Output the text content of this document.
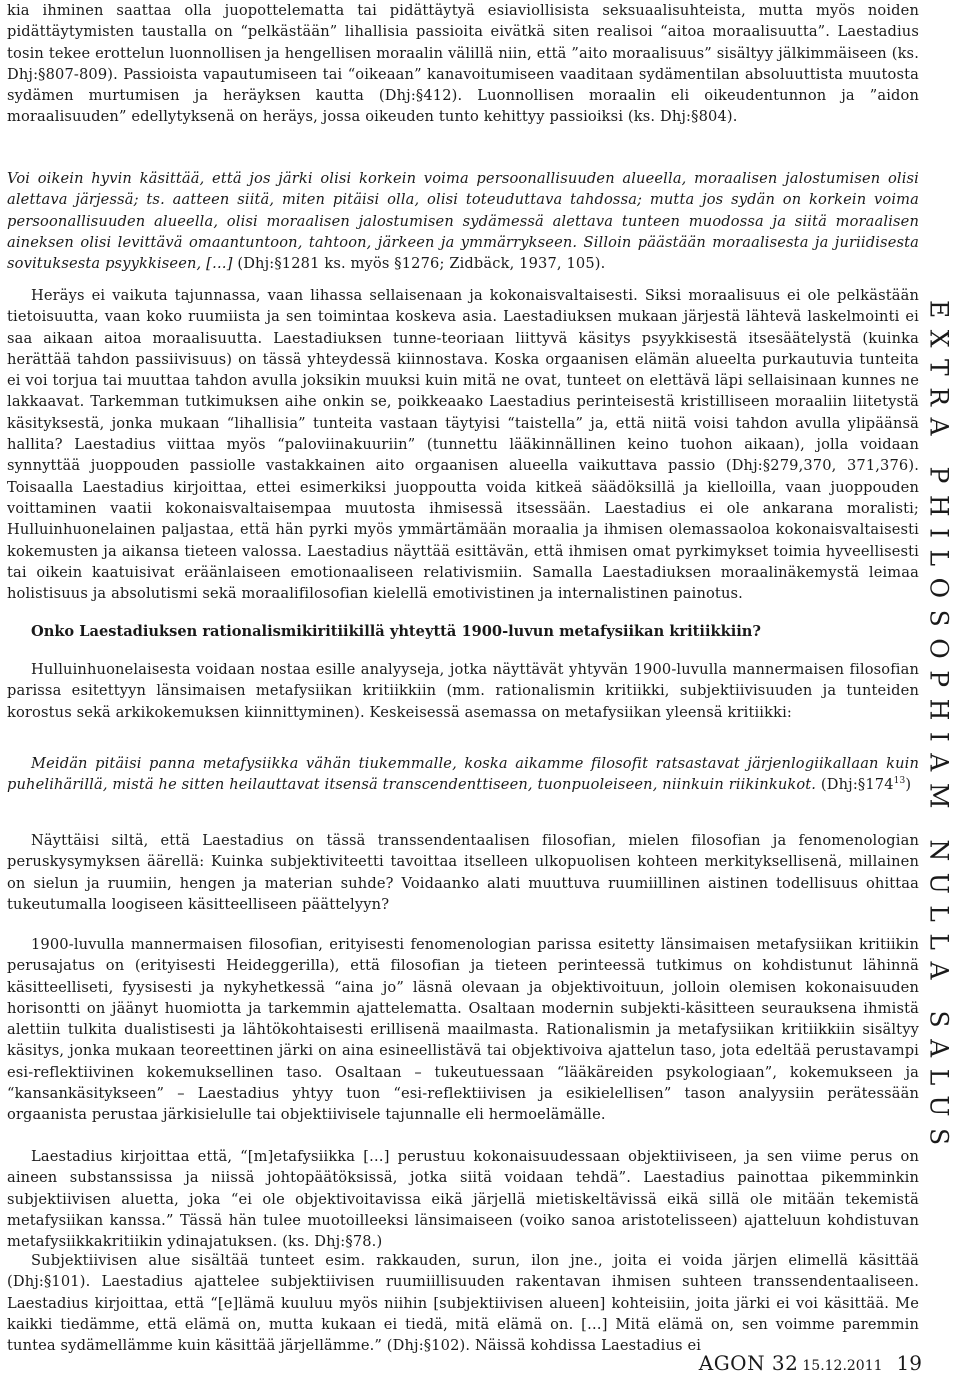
kia ihminen saattaa olla juopottelematta tai pidättäytyä esiaviollisista seksuaalisuhteista, mutta myös noiden pidättäytymisten taustalla on “pelkästään” lihallisia passioita eivätkä siten realisoi “aitoa moraalisuutta”. Laestadius tosin tekee erottelun luonnollisen ja hengellisen moraalin välillä niin, että ”aito moraalisuus” sisältyy jälkimmäiseen (ks. Dhj:§807-809). Passioista vapautumiseen tai “oikeaan” kanavoitumiseen vaaditaan sydämentilan absoluuttista muutosta sydämen murtumisen ja heräyksen kautta (Dhj:§412). Luonnollisen moraalin eli oikeudentunnon ja ”aidon moraalisuuden” edellytyksenä on heräys, jossa oikeuden tunto kehittyy passioiksi (ks. Dhj:§804).

Voi oikein hyvin käsittää, että jos järki olisi korkein voima persoonallisuuden alueella, moraalisen jalostumisen olisi alettava järjessä; ts. aatteen siitä, miten pitäisi olla, olisi toteuduttava tahdossa; mutta jos sydän on korkein voima persoonallisuuden alueella, olisi moraalisen jalostumisen sydämessä alettava tunteen muodossa ja siitä moraalisen aineksen olisi levittävä omaantuntoon, tahtoon, järkeen ja ymmärrykseen. Silloin päästään moraalisesta ja juriidisesta sovituksesta psyykkiseen, […] (Dhj:§1281 ks. myös §1276; Zidbäck, 1937, 105).

Heräys ei vaikuta tajunnassa, vaan lihassa sellaisenaan ja kokonaisvaltaisesti. Siksi moraalisuus ei ole pelkästään tietoisuutta, vaan koko ruumiista ja sen toimintaa koskeva asia. Laestadiuksen mukaan järjestä lähtevä laskelmointi ei saa aikaan aitoa moraalisuutta. Laestadiuksen tunne-teoriaan liittyvä käsitys psyykkisestä itsesäätelystä (kuinka herättää tahdon passiivisuus) on tässä yhteydessä kiinnostava. Koska orgaanisen elämän alueelta purkautuvia tunteita ei voi torjua tai muuttaa tahdon avulla joksikin muuksi kuin mitä ne ovat, tunteet on elettävä läpi sellaisinaan kunnes ne lakkaavat. Tarkemman tutkimuksen aihe onkin se, poikkeaako Laestadius perinteisestä kristilliseen moraaliin liitetystä käsityksestä, jonka mukaan “lihallisia” tunteita vastaan täytyisi “taistella” ja, että niitä voisi tahdon avulla ylipäänsä hallita? Laestadius viittaa myös “paloviinakuuriin” (tunnettu lääkinnällinen keino tuohon aikaan), jolla voidaan synnyttää juoppouden passiolle vastakkainen aito orgaanisen alueella vaikuttava passio (Dhj:§279,370, 371,376). Toisaalla Laestadius kirjoittaa, ettei esimerkiksi juoppoutta voida kitkeä säädöksillä ja kielloilla, vaan juoppouden voittaminen vaatii kokonaisvaltaisempaa muutosta ihmisessä itsessään. Laestadius ei ole ankarana moralisti; Hulluinhuonelainen paljastaa, että hän pyrki myös ymmärtämään moraalia ja ihmisen olemassaoloa kokonaisvaltaisesti kokemusten ja aikansa tieteen valossa. Laestadius näyttää esittävän, että ihmisen omat pyrkimykset toimia hyveellisesti tai oikein kaatuisivat eräänlaiseen emotionaaliseen relativismiin. Samalla Laestadiuksen moraalinäkemystä leimaa holistisuus ja absolutismi sekä moraalifilosofian kielellä emotivistinen ja internalistinen painotus.

Onko Laestadiuksen rationalismikiritiikillä yhteyttä 1900-luvun metafysiikan kritiikkiin?

Hulluinhuonelaisesta voidaan nostaa esille analyyseja, jotka näyttävät yhtyvän 1900-luvulla mannermaisen filosofian parissa esitettyyn länsimaisen metafysiikan kritiikkiin (mm. rationalismin kritiikki, subjektiivisuuden ja tunteiden korostus sekä arkikokemuksen kiinnittyminen). Keskeisessä asemassa on metafysiikan yleensä kritiikki:

Meidän pitäisi panna metafysiikka vähän tiukemmalle, koska aikamme filosofit ratsastavat järjenlogiikallaan kuin puhelihärillä, mistä he sitten heilauttavat itsensä transcendenttiseen, tuonpuoleiseen, niinkuin riikinkukot. $(Dhj:\S 174^{13})$

Näyttäisi siltä, että Laestadius on tässä transsendentaalisen filosofian, mielen filosofian ja fenomenologian peruskysymyksen äärellä: Kuinka subjektiviteetti tavoittaa itselleen ulkopuolisen kohteen merkityksellisenä, millainen on sielun ja ruumiin, hengen ja materian suhde? Voidaanko alati muuttuva ruumiillinen aistinen todellisuus ohittaa tukeutumalla loogiseen käsitteelliseen päättelyyn?

1900-luvulla mannermaisen filosofian, erityisesti fenomenologian parissa esitetty länsimaisen metafysiikan kritiikin perusajatus on (erityisesti Heideggerilla), että filosofian ja tieteen perinteessä tutkimus on kohdistunut lähinnä käsitteelliseti, fyysisesti ja nykyhetkessä “aina jo” läsnä olevaan ja objektivoituun, jolloin olemisen kokonaisuuden horisontti on jäänyt huomiotta ja tarkemmin ajattelematta. Osaltaan modernin subjekti-käsitteen seurauksena ihmistä alettiin tulkita dualistisesti ja lähtökohtaisesti erillisenä maailmasta. Rationalismin ja metafysiikan kritiikkiin sisältyy käsitys, jonka mukaan teoreettinen järki on aina esineellistävä tai objektivoiva ajattelun taso, jota edeltää perustavampi esi-reflektiivinen kokemuksellinen taso. Osaltaan – tukeutuessaan “lääkäreiden psykologiaan”, kokemukseen ja “kansankäsitykseen” – Laestadius yhtyy tuon “esi-reflektiivisen ja esikielellisen” tason analyysiin perätessään orgaanista perustaa järkisielulle tai objektiivisele tajunnalle eli hermoelämälle.

Laestadius kirjoittaa että, “[m]etafysiikka […] perustuu kokonaisuudessaan objektiiviseen, ja sen viime perus on aineen substanssissa ja niissä johtopäätöksissä, jotka siitä voidaan tehdä”. Laestadius painottaa pikemminkin subjektiivisen aluetta, joka “ei ole objektivoitavissa eikä järjellä mietiskeltävissä eikä sillä ole mitään tekemistä metafysiikan kanssa.” Tässä hän tulee muotoilleeksi länsimaiseen (voiko sanoa aristotelisseen) ajatteluun kohdistuvan metafysiikkakritiikin ydinajatuksen. (ks. Dhj:§78.)

Subjektiivisen alue sisältää tunteet esim. rakkauden, surun, ilon jne., joita ei voida järjen elimellä käsittää (Dhj:§101). Laestadius ajattelee subjektiivisen ruumiillisuuden rakentavan ihmisen suhteen transsendentaaliseen. Laestadius kirjoittaa, että “[e]lämä kuuluu myös niihin [subjektiivisen alueen] kohteisiin, joita järki ei voi käsittää. Me kaikki tiedämme, että elämä on, mutta kukaan ei tiedä, mitä elämä on. […] Mitä elämä on, sen voimme paremmin tuntea sydämellämme kuin käsittää järjellämme.” (Dhj:§102). Näissä kohdissa Laestadius ei

EXTRA PHILOSOPHIAM NULLA SALUS
AGON 32 15.12.2011 19
